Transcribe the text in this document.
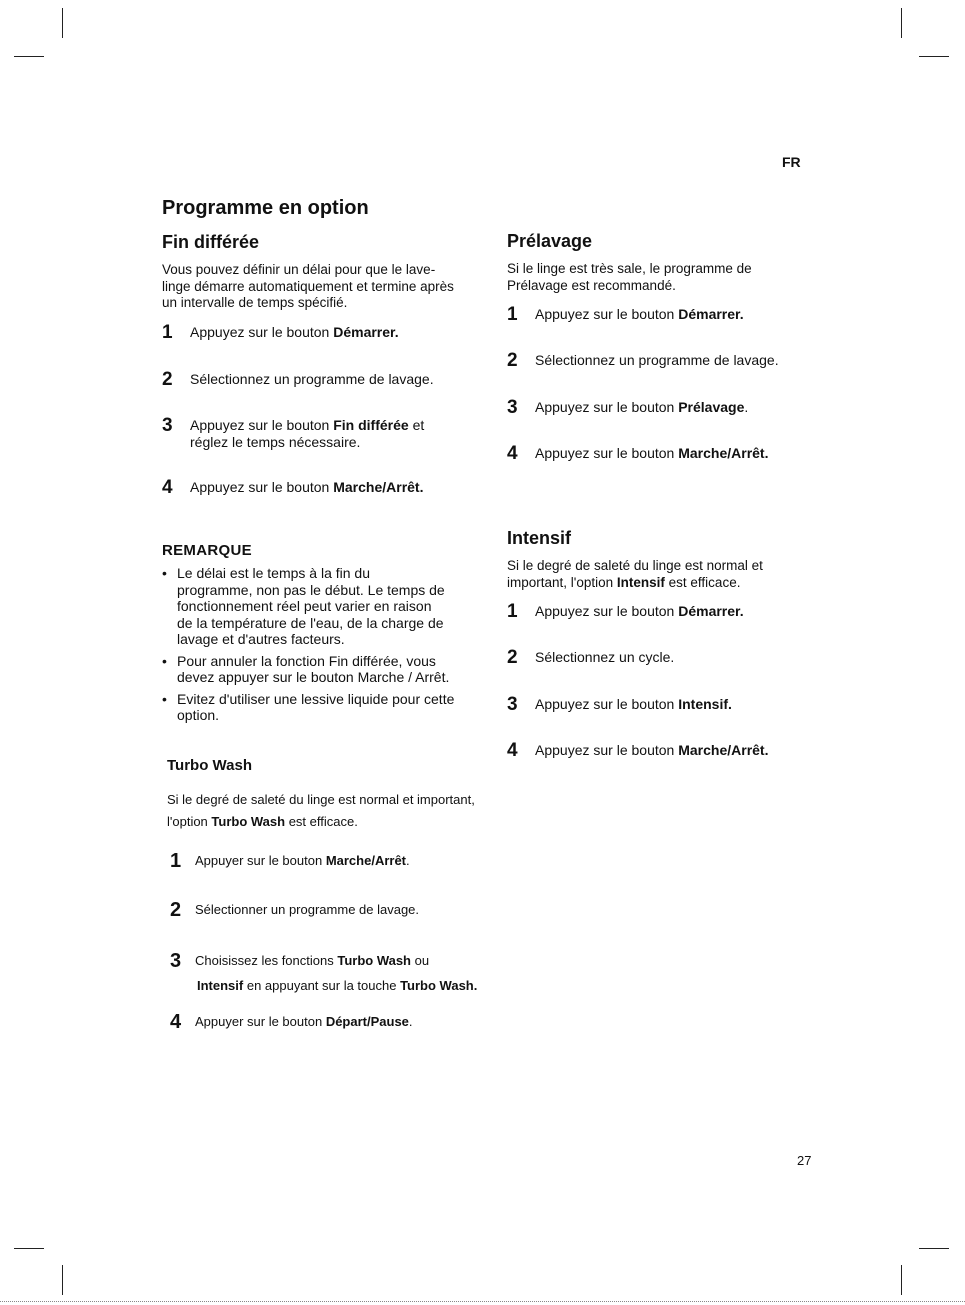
FR
27
Programme en option
Fin différée
Vous pouvez définir un délai pour que le lave-
linge démarre automatiquement et termine après
un intervalle de temps spécifié.
1	Appuyez sur le bouton Démarrer.
2	Sélectionnez un programme de lavage.
3	Appuyez sur le bouton Fin différée et
réglez le temps nécessaire.
4	Appuyez sur le bouton Marche/Arrêt.
REMARQUE
• Le délai est le temps à la fin du
programme, non pas le début. Le temps de
fonctionnement réel peut varier en raison
de la température de l'eau, de la charge de
lavage et d'autres facteurs.
• Pour annuler la fonction Fin différée, vous
devez appuyer sur le bouton Marche / Arrêt.
• Evitez d'utiliser une lessive liquide pour cette
option.
Turbo Wash
Si le degré de saleté du linge est normal et important,
l'option Turbo Wash est efficace.
1	Appuyer sur le bouton Marche/Arrêt.
2	Sélectionner un programme de lavage.
3	Choisissez les fonctions Turbo Wash ou
Intensif en appuyant sur la touche Turbo Wash.
4	Appuyer sur le bouton Départ/Pause.
Prélavage
Si le linge est très sale, le programme de
Prélavage est recommandé.
1	Appuyez sur le bouton Démarrer.
2	Sélectionnez un programme de lavage.
3	Appuyez sur le bouton Prélavage.
4	Appuyez sur le bouton Marche/Arrêt.
Intensif
Si le degré de saleté du linge est normal et
important, l'option Intensif est efficace.
1	Appuyez sur le bouton Démarrer.
2	Sélectionnez un cycle.
3	Appuyez sur le bouton Intensif.
4	Appuyez sur le bouton Marche/Arrêt.
